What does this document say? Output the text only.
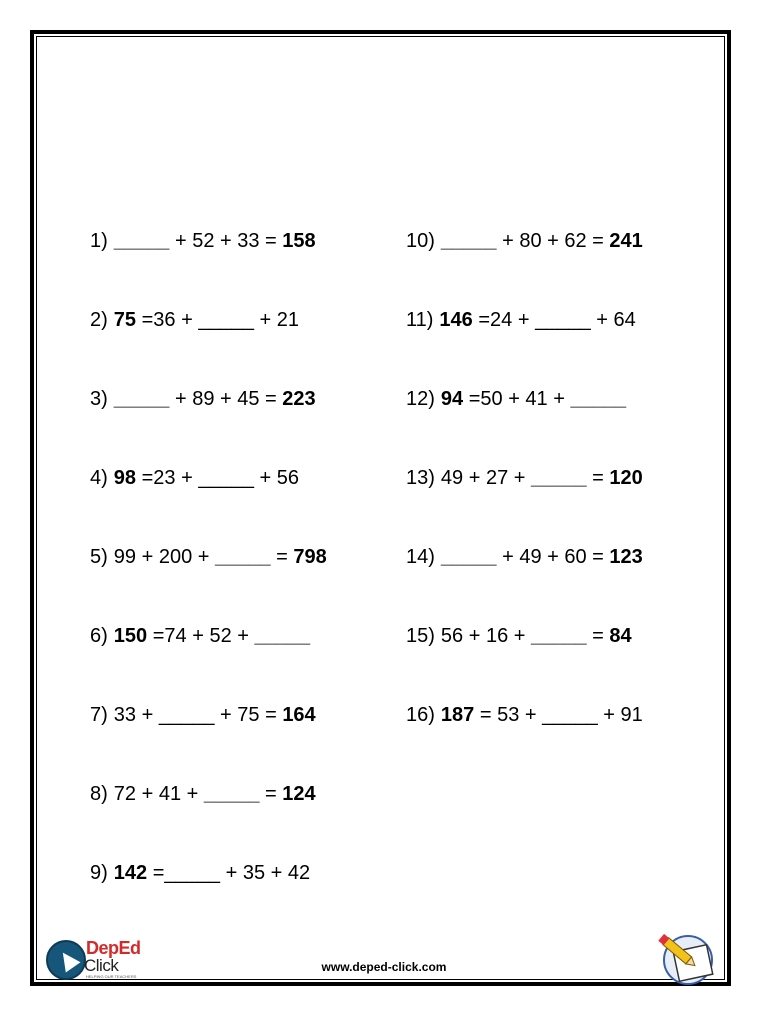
1) _____ + 52 + 33 = 158
2) 75 =36 + _____ + 21
3) _____ + 89 + 45 = 223
4) 98 =23 + _____ + 56
5) 99 + 200 + _____ = 798
6) 150 =74 + 52 + _____
7) 33 + _____ + 75 = 164
8) 72 + 41 + _____ = 124
9) 142 =_____ + 35 + 42
10) _____ + 80 + 62 = 241
11) 146 =24 + _____ + 64
12) 94 =50 + 41 + _____
13) 49 + 27 + _____ = 120
14) _____ + 49 + 60 = 123
15) 56 + 16 + _____ = 84
16) 187 = 53 + _____ + 91
DepEd
Click
HELPING OUR TEACHERS
www.deped-click.com
